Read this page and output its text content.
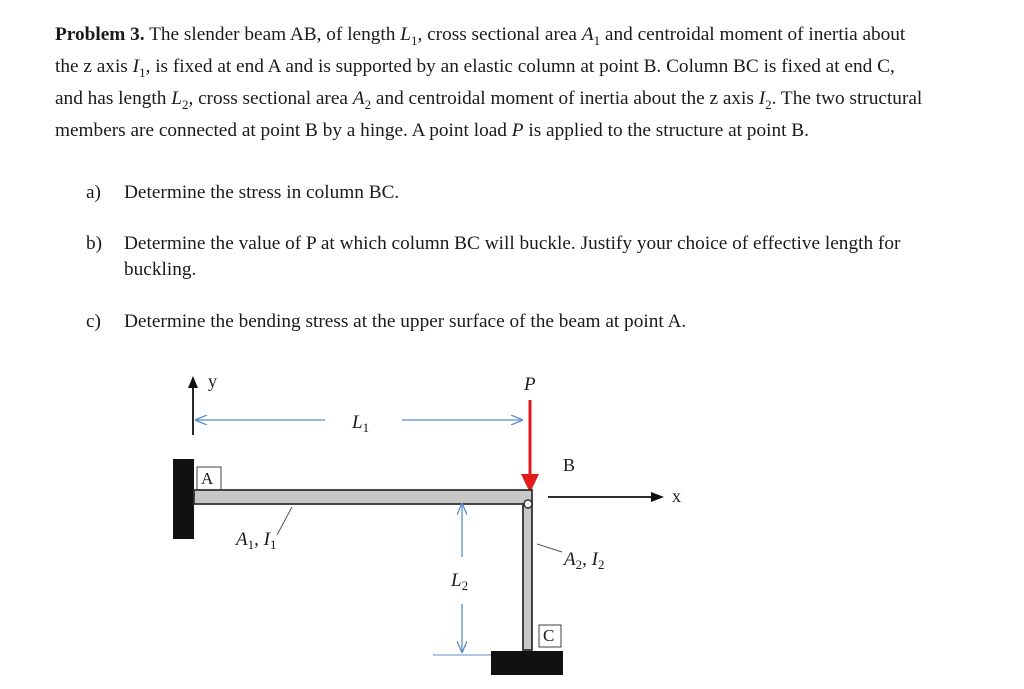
Problem 3. The slender beam AB, of length $L_1$, cross sectional area $A_1$ and centroidal moment of inertia about the z axis $I_1$, is fixed at end A and is supported by an elastic column at point B. Column BC is fixed at end C, and has length $L_2$, cross sectional area $A_2$ and centroidal moment of inertia about the z axis $I_2$. The two structural members are connected at point B by a hinge. A point load P is applied to the structure at point B.
a) Determine the stress in column BC.
b) Determine the value of P at which column BC will buckle. Justify your choice of effective length for buckling.
c) Determine the bending stress at the upper surface of the beam at point A.
y
$L_1$
P
B
x
A
C
$A_1$, $I_1$
$L_2$
$A_2$, $I_2$
